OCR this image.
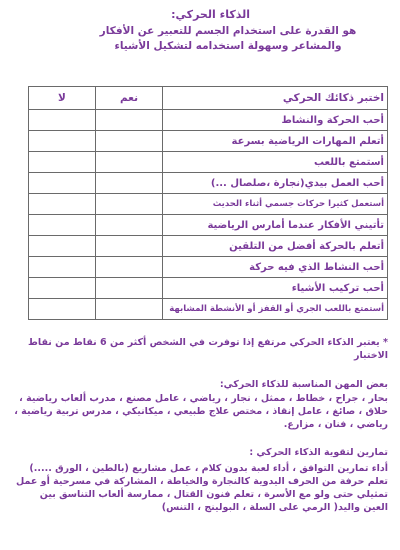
الذكاء الحركي:
هو القدرة على استخدام الجسم للتعبير عن الأفكار والمشاعر وسهولة استخدامه لتشكيل الأشياء
اختبر ذكائك الحركي	نعم	لا
أحب الحركة والنشاط		
أتعلم المهارات الرياضية بسرعة		
أستمتع باللعب		
أحب العمل بيدي(نجارة ،صلصال ...)		
أستعمل كثيرا حركات جسمي أثناء الحديث		
تأتيني الأفكار عندما أمارس الرياضية		
أتعلم بالحركة أفضل من التلقين		
أحب النشاط الذي فيه حركة		
أحب تركيب الأشياء		
أستمتع باللعب الجري أو القفز أو الأنشطة المشابهة		
* يعتبر الذكاء الحركي مرتفع إذا توفرت في الشخص أكثر من 6 نقاط من نقاط الاختبار
بعض المهن المناسبة للذكاء الحركي:
بحار ، جراح ، خطاط ، ممثل ، نجار ، رياضي ، عامل مصنع ، مدرب ألعاب رياضية ، حلاق ، صائغ ، عامل إنقاذ ، مختص علاج طبيعي ، ميكانيكي ، مدرس تربية رياضية ، رياضي ، فنان ، مزارع.
تمارين لتقوية الذكاء الحركي :

أداء تمارين التوافق ، أداء لعبة بدون كلام ، عمل مشاريع (بالطين ، الورق .....)

تعلم حرفة من الحرف اليدوية كالنجارة والخياطة ، المشاركة في مسرحية أو عمل تمثيلي حتى ولو مع الأسرة ، تعلم فنون القتال ، ممارسة ألعاب التناسق بين العين واليد( الرمي على السلة ، البولينج ، التنس)
